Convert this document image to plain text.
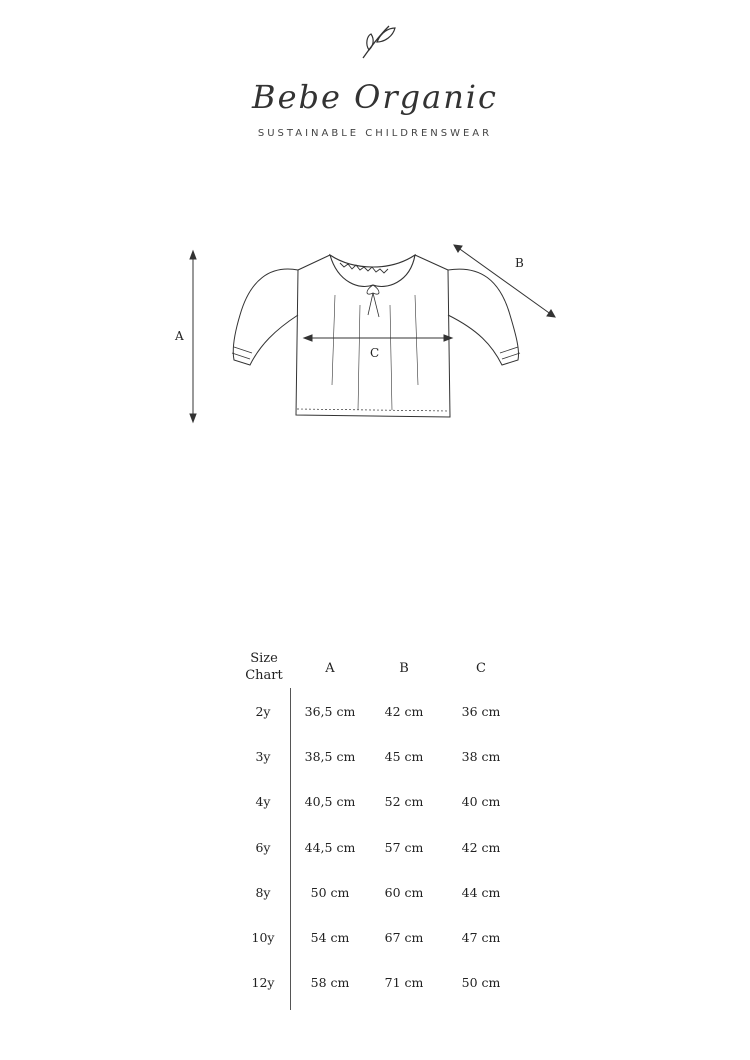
Bebe Organic
SUSTAINABLE CHILDRENSWEAR
A
B
C
Size
Chart	A	B	C
2y	36,5 cm	42 cm	36 cm
3y	38,5 cm	45 cm	38 cm
4y	40,5 cm	52 cm	40 cm
6y	44,5 cm	57 cm	42 cm
8y	50 cm	60 cm	44 cm
10y	54 cm	67 cm	47 cm
12y	58 cm	71 cm	50 cm
